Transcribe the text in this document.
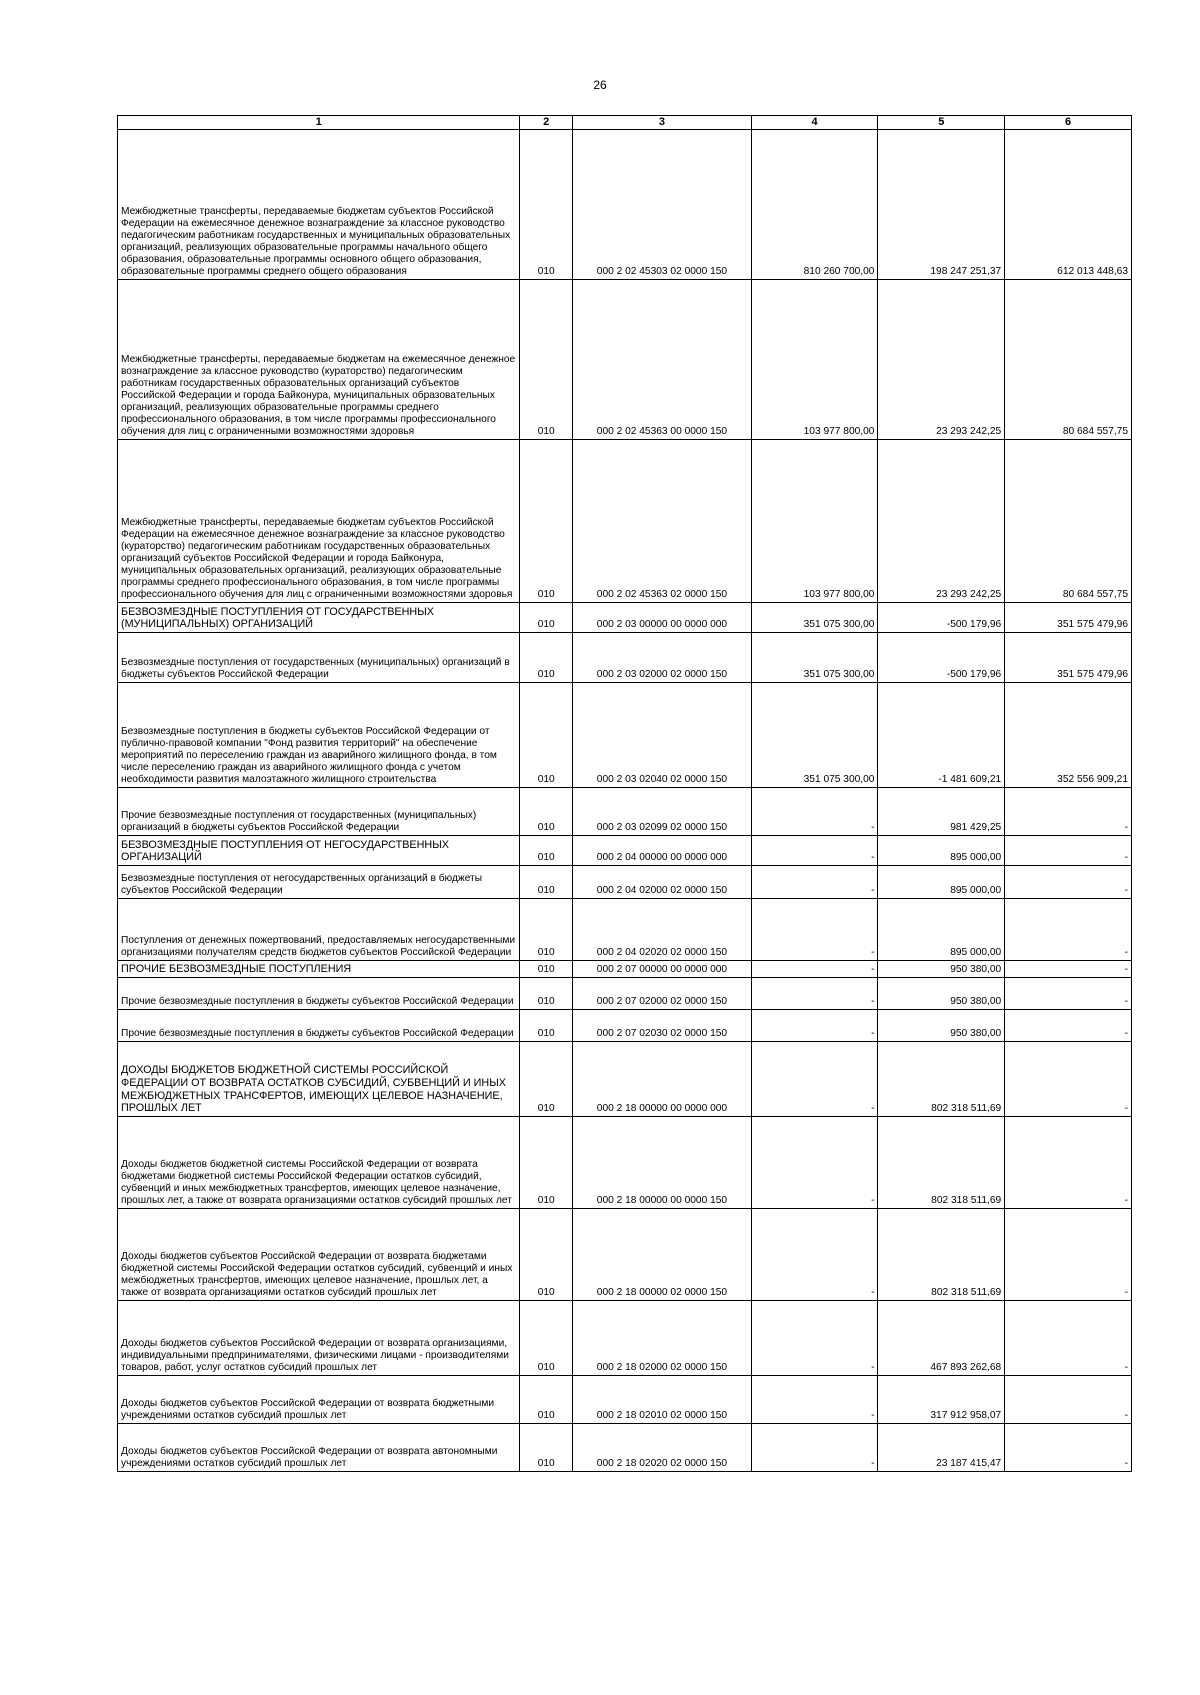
26
1	2	3	4	5	6
Межбюджетные трансферты, передаваемые бюджетам субъектов Российской Федерации на ежемесячное денежное вознаграждение за классное руководство педагогическим работникам государственных и муниципальных образовательных организаций, реализующих образовательные программы начального общего образования, образовательные программы основного общего образования, образовательные программы среднего общего образования	010	000 2 02 45303 02 0000 150	810 260 700,00	198 247 251,37	612 013 448,63
Межбюджетные трансферты, передаваемые бюджетам на ежемесячное денежное вознаграждение за классное руководство (кураторство) педагогическим работникам государственных образовательных организаций субъектов Российской Федерации и города Байконура, муниципальных образовательных организаций, реализующих образовательные программы среднего профессионального образования, в том числе программы профессионального обучения для лиц с ограниченными возможностями здоровья	010	000 2 02 45363 00 0000 150	103 977 800,00	23 293 242,25	80 684 557,75
Межбюджетные трансферты, передаваемые бюджетам субъектов Российской Федерации на ежемесячное денежное вознаграждение за классное руководство (кураторство) педагогическим работникам государственных образовательных организаций субъектов Российской Федерации и города Байконура, муниципальных образовательных организаций, реализующих образовательные программы среднего профессионального образования, в том числе программы профессионального обучения для лиц с ограниченными возможностями здоровья	010	000 2 02 45363 02 0000 150	103 977 800,00	23 293 242,25	80 684 557,75
БЕЗВОЗМЕЗДНЫЕ ПОСТУПЛЕНИЯ ОТ ГОСУДАРСТВЕННЫХ (МУНИЦИПАЛЬНЫХ) ОРГАНИЗАЦИЙ	010	000 2 03 00000 00 0000 000	351 075 300,00	-500 179,96	351 575 479,96
Безвозмездные поступления от государственных (муниципальных) организаций в бюджеты субъектов Российской Федерации	010	000 2 03 02000 02 0000 150	351 075 300,00	-500 179,96	351 575 479,96
Безвозмездные поступления в бюджеты субъектов Российской Федерации от публично-правовой компании "Фонд развития территорий" на обеспечение мероприятий по переселению граждан из аварийного жилищного фонда, в том числе переселению граждан из аварийного жилищного фонда с учетом необходимости развития малоэтажного жилищного строительства	010	000 2 03 02040 02 0000 150	351 075 300,00	-1 481 609,21	352 556 909,21
Прочие безвозмездные поступления от государственных (муниципальных) организаций в бюджеты субъектов Российской Федерации	010	000 2 03 02099 02 0000 150	-	981 429,25	-
БЕЗВОЗМЕЗДНЫЕ ПОСТУПЛЕНИЯ ОТ НЕГОСУДАРСТВЕННЫХ ОРГАНИЗАЦИЙ	010	000 2 04 00000 00 0000 000	-	895 000,00	-
Безвозмездные поступления от негосударственных организаций в бюджеты субъектов Российской Федерации	010	000 2 04 02000 02 0000 150	-	895 000,00	-
Поступления от денежных пожертвований, предоставляемых негосударственными организациями получателям средств бюджетов субъектов Российской Федерации	010	000 2 04 02020 02 0000 150	-	895 000,00	-
ПРОЧИЕ БЕЗВОЗМЕЗДНЫЕ ПОСТУПЛЕНИЯ	010	000 2 07 00000 00 0000 000	-	950 380,00	-
Прочие безвозмездные поступления в бюджеты субъектов Российской Федерации	010	000 2 07 02000 02 0000 150	-	950 380,00	-
Прочие безвозмездные поступления в бюджеты субъектов Российской Федерации	010	000 2 07 02030 02 0000 150	-	950 380,00	-
ДОХОДЫ БЮДЖЕТОВ БЮДЖЕТНОЙ СИСТЕМЫ РОССИЙСКОЙ ФЕДЕРАЦИИ ОТ ВОЗВРАТА ОСТАТКОВ СУБСИДИЙ, СУБВЕНЦИЙ И ИНЫХ МЕЖБЮДЖЕТНЫХ ТРАНСФЕРТОВ, ИМЕЮЩИХ ЦЕЛЕВОЕ НАЗНАЧЕНИЕ, ПРОШЛЫХ ЛЕТ	010	000 2 18 00000 00 0000 000	-	802 318 511,69	-
Доходы бюджетов бюджетной системы Российской Федерации от возврата бюджетами бюджетной системы Российской Федерации остатков субсидий, субвенций и иных межбюджетных трансфертов, имеющих целевое назначение, прошлых лет, а также от возврата организациями остатков субсидий прошлых лет	010	000 2 18 00000 00 0000 150	-	802 318 511,69	-
Доходы бюджетов субъектов Российской Федерации от возврата бюджетами бюджетной системы Российской Федерации остатков субсидий, субвенций и иных межбюджетных трансфертов, имеющих целевое назначение, прошлых лет, а также от возврата организациями остатков субсидий прошлых лет	010	000 2 18 00000 02 0000 150	-	802 318 511,69	-
Доходы бюджетов субъектов Российской Федерации от возврата организациями, индивидуальными предпринимателями, физическими лицами - производителями товаров, работ, услуг остатков субсидий прошлых лет	010	000 2 18 02000 02 0000 150	-	467 893 262,68	-
Доходы бюджетов субъектов Российской Федерации от возврата бюджетными учреждениями остатков субсидий прошлых лет	010	000 2 18 02010 02 0000 150	-	317 912 958,07	-
Доходы бюджетов субъектов Российской Федерации от возврата автономными учреждениями остатков субсидий прошлых лет	010	000 2 18 02020 02 0000 150	-	23 187 415,47	-
